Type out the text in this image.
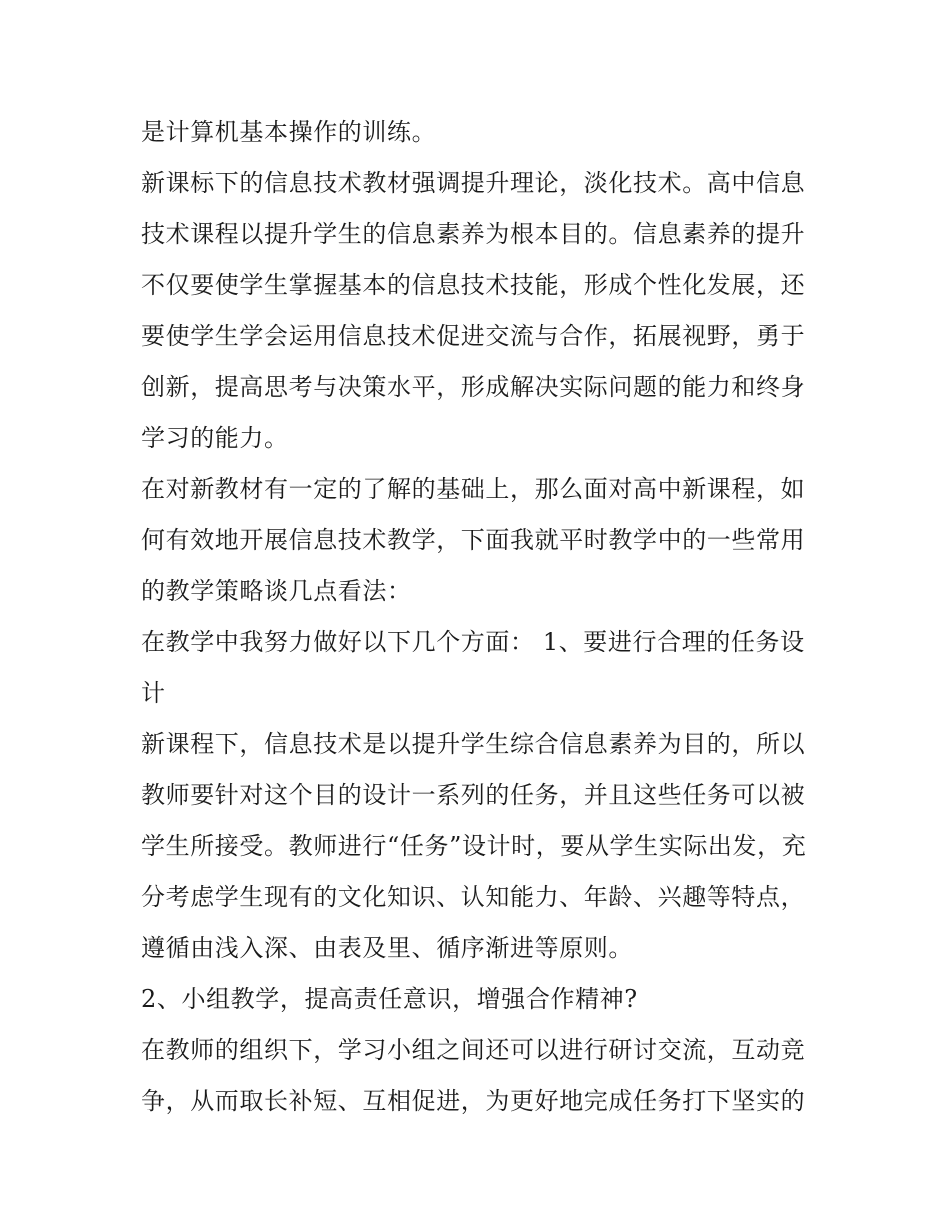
是计算机基本操作的训练。
新课标下的信息技术教材强调提升理论，淡化技术。高中信息
技术课程以提升学生的信息素养为根本目的。信息素养的提升
不仅要使学生掌握基本的信息技术技能，形成个性化发展，还
要使学生学会运用信息技术促进交流与合作，拓展视野，勇于
创新，提高思考与决策水平，形成解决实际问题的能力和终身
学习的能力。
在对新教材有一定的了解的基础上，那么面对高中新课程，如
何有效地开展信息技术教学，下面我就平时教学中的一些常用
的教学策略谈几点看法：
在教学中我努力做好以下几个方面： 1、要进行合理的任务设
计
新课程下，信息技术是以提升学生综合信息素养为目的，所以
教师要针对这个目的设计一系列的任务，并且这些任务可以被
学生所接受。教师进行“任务”设计时，要从学生实际出发，充
分考虑学生现有的文化知识、认知能力、年龄、兴趣等特点，
遵循由浅入深、由表及里、循序渐进等原则。
2、小组教学，提高责任意识，增强合作精神?
在教师的组织下，学习小组之间还可以进行研讨交流，互动竞
争，从而取长补短、互相促进，为更好地完成任务打下坚实的
